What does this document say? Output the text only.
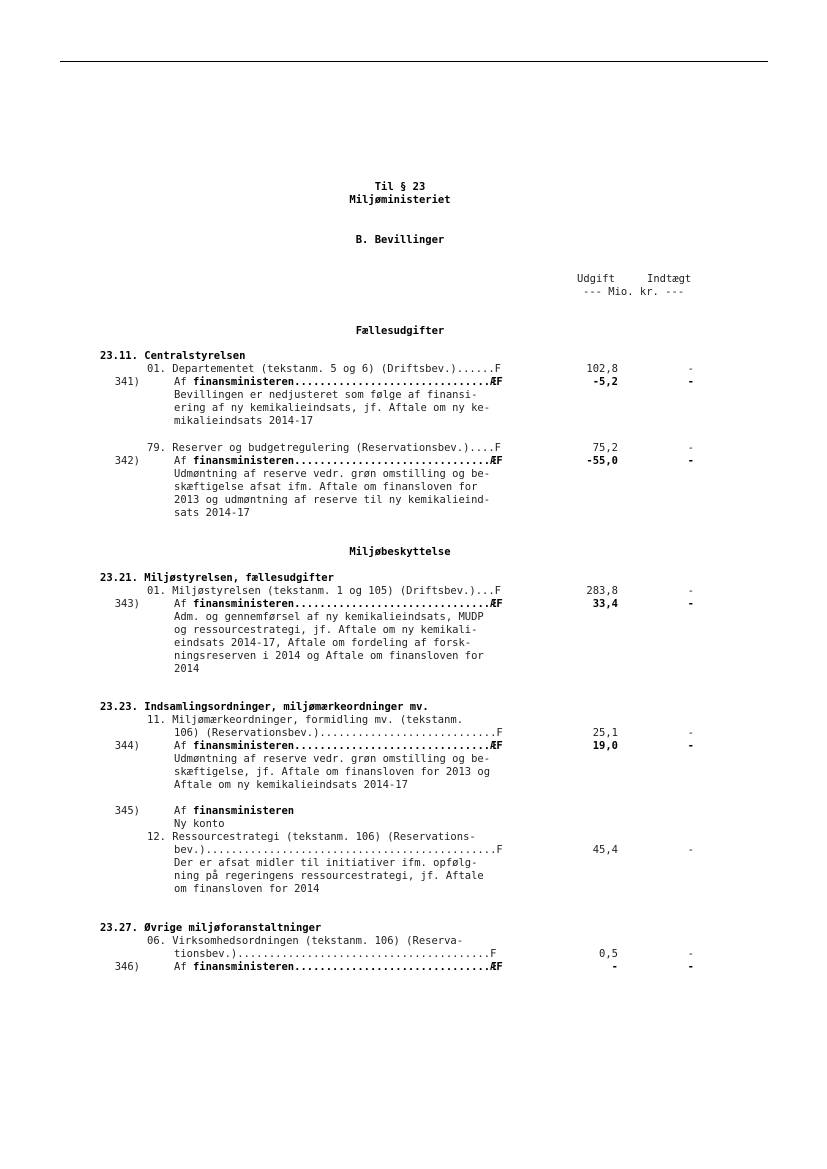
Til § 23
Miljøministeriet
B. Bevillinger
Udgift	Indtægt
--- Mio. kr. ---
Fællesudgifter
23.11. Centralstyrelsen
01. Departementet (tekstanm. 5 og 6) (Driftsbev.)......F	102,8	-
341)	Af finansministeren...............................ÆF	-5,2	-
Bevillingen er nedjusteret som følge af finansi-
ering af ny kemikalieindsats, jf. Aftale om ny ke-
mikalieindsats 2014-17
79. Reserver og budgetregulering (Reservationsbev.)....F	75,2	-
342)	Af finansministeren...............................ÆF	-55,0	-
Udmøntning af reserve vedr. grøn omstilling og be-
skæftigelse afsat ifm. Aftale om finansloven for
2013 og udmøntning af reserve til ny kemikalieind-
sats 2014-17
Miljøbeskyttelse
23.21. Miljøstyrelsen, fællesudgifter
01. Miljøstyrelsen (tekstanm. 1 og 105) (Driftsbev.)...F	283,8	-
343)	Af finansministeren...............................ÆF	33,4	-
Adm. og gennemførsel af ny kemikalieindsats, MUDP
og ressourcestrategi, jf. Aftale om ny kemikali-
eindsats 2014-17, Aftale om fordeling af forsk-
ningsreserven i 2014 og Aftale om finansloven for
2014
23.23. Indsamlingsordninger, miljømærkeordninger mv.
11. Miljømærkeordninger, formidling mv. (tekstanm.
106) (Reservationsbev.)............................F	25,1	-
344)	Af finansministeren...............................ÆF	19,0	-
Udmøntning af reserve vedr. grøn omstilling og be-
skæftigelse, jf. Aftale om finansloven for 2013 og
Aftale om ny kemikalieindsats 2014-17
345)	Af finansministeren
Ny konto
12. Ressourcestrategi (tekstanm. 106) (Reservations-
bev.)..............................................F	45,4	-
Der er afsat midler til initiativer ifm. opfølg-
ning på regeringens ressourcestrategi, jf. Aftale
om finansloven for 2014
23.27. Øvrige miljøforanstaltninger
06. Virksomhedsordningen (tekstanm. 106) (Reserva-
tionsbev.)........................................F	0,5	-
346)	Af finansministeren...............................ÆF	-	-
